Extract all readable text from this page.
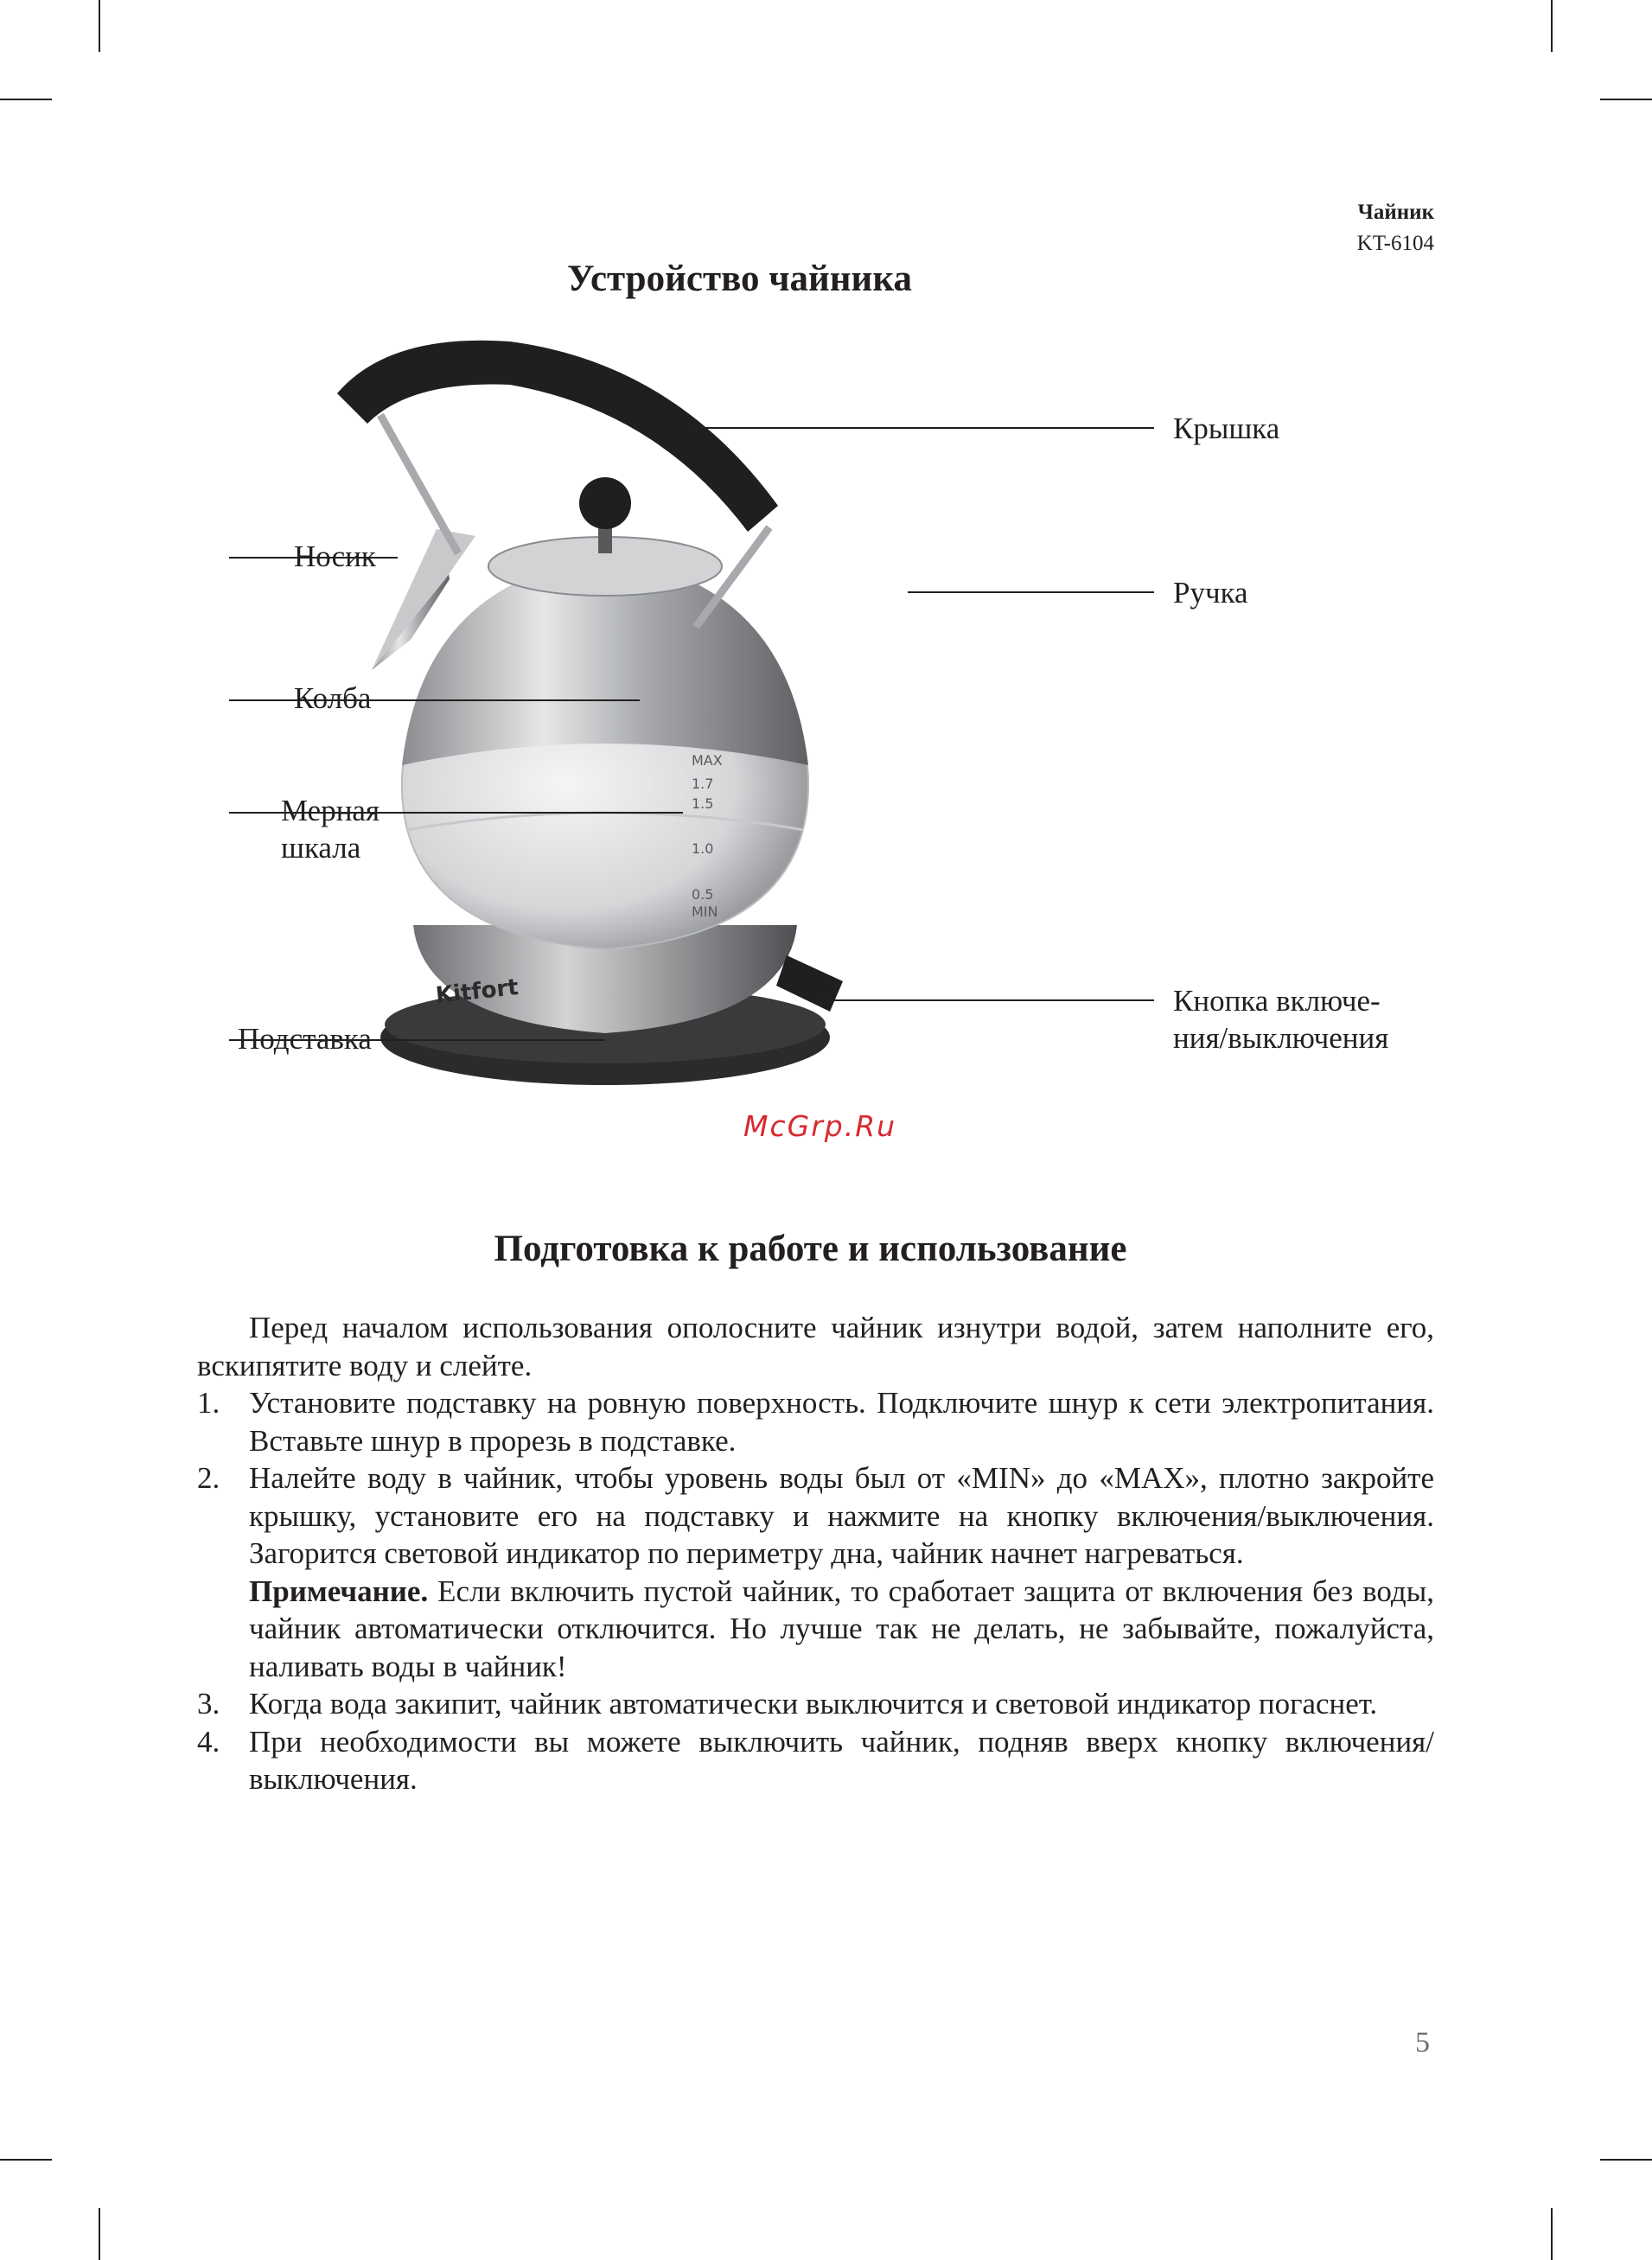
Чайник
KT-6104
Устройство чайника
MAX
1.7
1.5
1.0
0.5
MIN
Kitfort
Крышка
Носик
Ручка
Колба
Мерная
шкала
Кнопка включе-
ния/выключения
Подставка
McGrp.Ru
Подготовка к работе и использование

Перед началом использования ополосните чайник изнутри водой, затем наполните его, вскипятите воду и слейте.

1. Установите подставку на ровную поверхность. Подключите шнур к сети электропитания. Вставьте шнур в прорезь в подставке.
2. Налейте воду в чайник, чтобы уровень воды был от «MIN» до «MAX», плотно закройте крышку, установите его на подставку и нажмите на кнопку включения/выключения. Загорится световой индикатор по периметру дна, чайник начнет нагреваться.

Примечание. Если включить пустой чайник, то сработает защита от включения без воды, чайник автоматически отключится. Но лучше так не делать, не забывайте, пожалуйста, наливать воды в чайник!

3. Когда вода закипит, чайник автоматически выключится и световой индикатор погаснет.
4. При необходимости вы можете выключить чайник, подняв вверх кнопку включения/выключения.
5
